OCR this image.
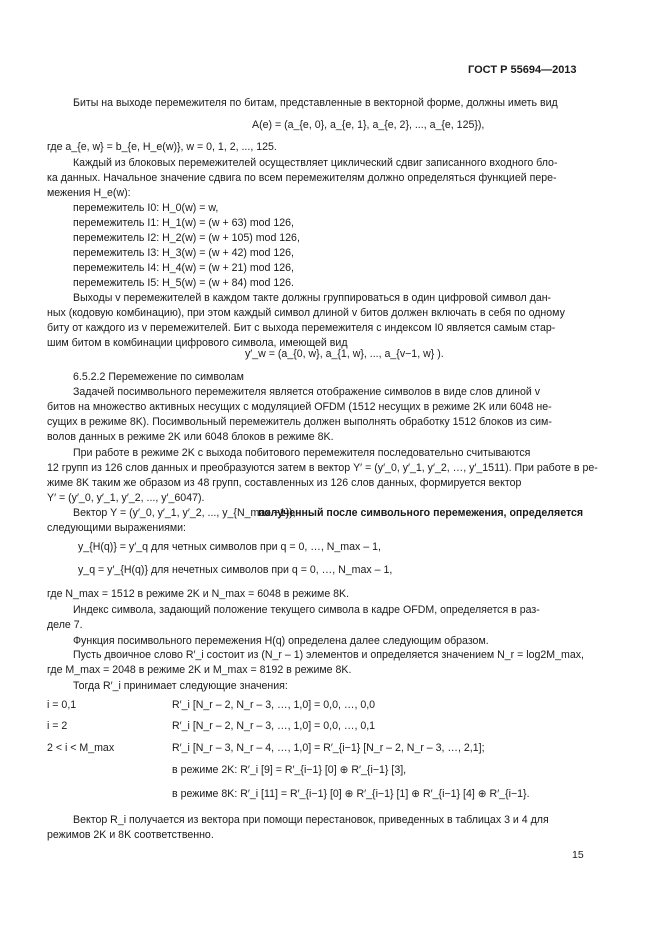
ГОСТ Р 55694—2013
Биты на выходе перемежителя по битам, представленные в векторной форме, должны иметь вид
A(e) = (a_{e, 0}, a_{e, 1}, a_{e, 2}, ..., a_{e, 125}),
где a_{e, w} = b_{e, H_e(w)}, w = 0, 1, 2, ..., 125.
Каждый из блоковых перемежителей осуществляет циклический сдвиг записанного входного бло-
ка данных. Начальное значение сдвига по всем перемежителям должно определяться функцией пере-
межения H_e(w):
перемежитель I0: H_0(w) = w,
перемежитель I1: H_1(w) = (w + 63) mod 126,
перемежитель I2: H_2(w) = (w + 105) mod 126,
перемежитель I3: H_3(w) = (w + 42) mod 126,
перемежитель I4: H_4(w) = (w + 21) mod 126,
перемежитель I5: H_5(w) = (w + 84) mod 126.
Выходы v перемежителей в каждом такте должны группироваться в один цифровой символ дан-
ных (кодовую комбинацию), при этом каждый символ длиной v битов должен включать в себя по одному
биту от каждого из v перемежителей. Бит с выхода перемежителя с индексом I0 является самым стар-
шим битом в комбинации цифрового символа, имеющей вид
y′_w = (a_{0, w}, a_{1, w}, ..., a_{v−1, w} ).
6.5.2.2 Перемежение по символам
Задачей посимвольного перемежителя является отображение символов в виде слов длиной v
битов на множество активных несущих с модуляцией OFDM (1512 несущих в режиме 2K или 6048 не-
сущих в режиме 8K). Посимвольный перемежитель должен выполнять обработку 1512 блоков из сим-
волов данных в режиме 2K или 6048 блоков в режиме 8K.
При работе в режиме 2K с выхода побитового перемежителя последовательно считываются
12 групп из 126 слов данных и преобразуются затем в вектор Y′ = (y′_0, y′_1, y′_2, …, y′_1511). При работе в ре-
жиме 8K таким же образом из 48 групп, составленных из 126 слов данных, формируется вектор
Y′ = (y′_0, y′_1, y′_2, ..., y′_6047).
Вектор Y = (y′_0, y′_1, y′_2, ..., y_{N_max −1}),
полученный после символьного перемежения, определяется
следующими выражениями:
y_{H(q)} = y′_q для четных символов при q = 0, …, N_max – 1,
y_q = y′_{H(q)} для нечетных символов при q = 0, …, N_max – 1,
где N_max = 1512 в режиме 2K и N_max = 6048 в режиме 8K.
Индекс символа, задающий положение текущего символа в кадре OFDM, определяется в раз-
деле 7.
Функция посимвольного перемежения H(q) определена далее следующим образом.
Пусть двоичное слово R′_i состоит из (N_r – 1) элементов и определяется значением N_r = log2M_max,
где M_max = 2048 в режиме 2K и M_max = 8192 в режиме 8K.
Тогда R′_i принимает следующие значения:
i = 0,1	R′_i [N_r – 2, N_r – 3, …, 1,0] = 0,0, …, 0,0
i = 2	R′_i [N_r – 2, N_r – 3, …, 1,0] = 0,0, …, 0,1
2 < i < M_max	R′_i [N_r – 3, N_r – 4, …, 1,0] = R′_{i−1} [N_r – 2, N_r – 3, …, 2,1];
в режиме 2K: R′_i [9] = R′_{i−1} [0] ⊕ R′_{i−1} [3],
в режиме 8K: R′_i [11] = R′_{i−1} [0] ⊕ R′_{i−1} [1] ⊕ R′_{i−1} [4] ⊕ R′_{i−1}.
Вектор R_i получается из вектора при помощи перестановок, приведенных в таблицах 3 и 4 для
режимов 2K и 8K соответственно.
15
